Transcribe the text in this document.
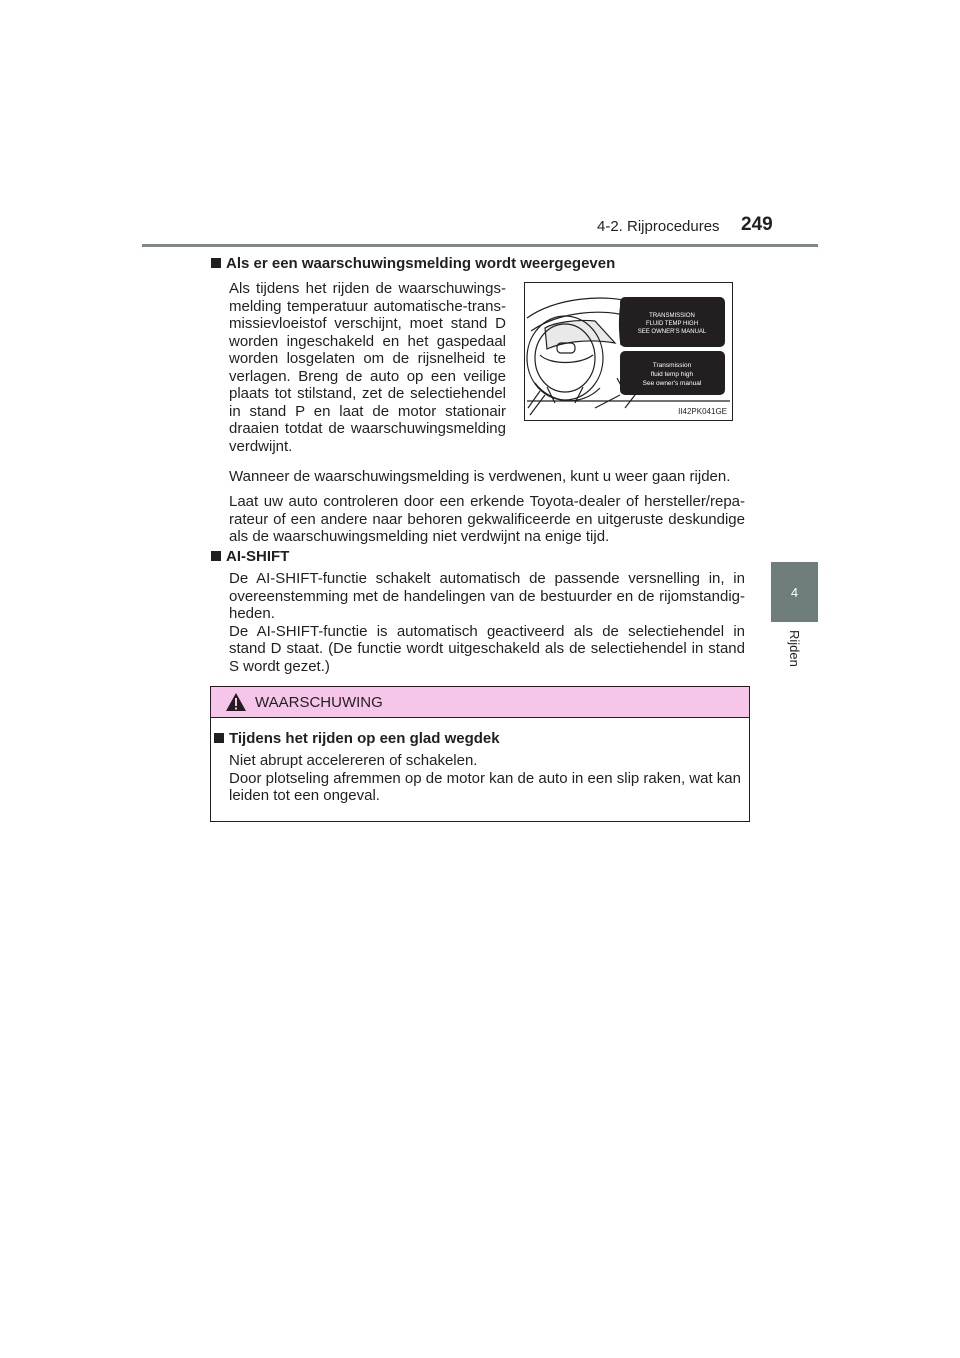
4-2. Rijprocedures 249
4
Rijden
Als er een waarschuwingsmelding wordt weergegeven

Als tijdens het rijden de waarschuwings-melding temperatuur automatische-trans-missievloeistof verschijnt, moet stand D worden ingeschakeld en het gaspedaal worden losgelaten om de rijsnelheid te verlagen. Breng de auto op een veilige plaats tot stilstand, zet de selectiehendel in stand P en laat de motor stationair draaien totdat de waarschuwingsmelding verdwijnt.

TRANSMISSION
FLUID TEMP HIGH
SEE OWNER'S MANUAL
Transmission
fluid temp high
See owner's manual
II42PK041GE

Wanneer de waarschuwingsmelding is verdwenen, kunt u weer gaan rijden.

Laat uw auto controleren door een erkende Toyota-dealer of hersteller/repa-rateur of een andere naar behoren gekwalificeerde en uitgeruste deskundige als de waarschuwingsmelding niet verdwijnt na enige tijd.

AI-SHIFT

De AI-SHIFT-functie schakelt automatisch de passende versnelling in, in overeenstemming met de handelingen van de bestuurder en de rijomstandig-heden.

De AI-SHIFT-functie is automatisch geactiveerd als de selectiehendel in stand D staat. (De functie wordt uitgeschakeld als de selectiehendel in stand S wordt gezet.)

WAARSCHUWING
Tijdens het rijden op een glad wegdek

Niet abrupt accelereren of schakelen.

Door plotseling afremmen op de motor kan de auto in een slip raken, wat kan leiden tot een ongeval.
